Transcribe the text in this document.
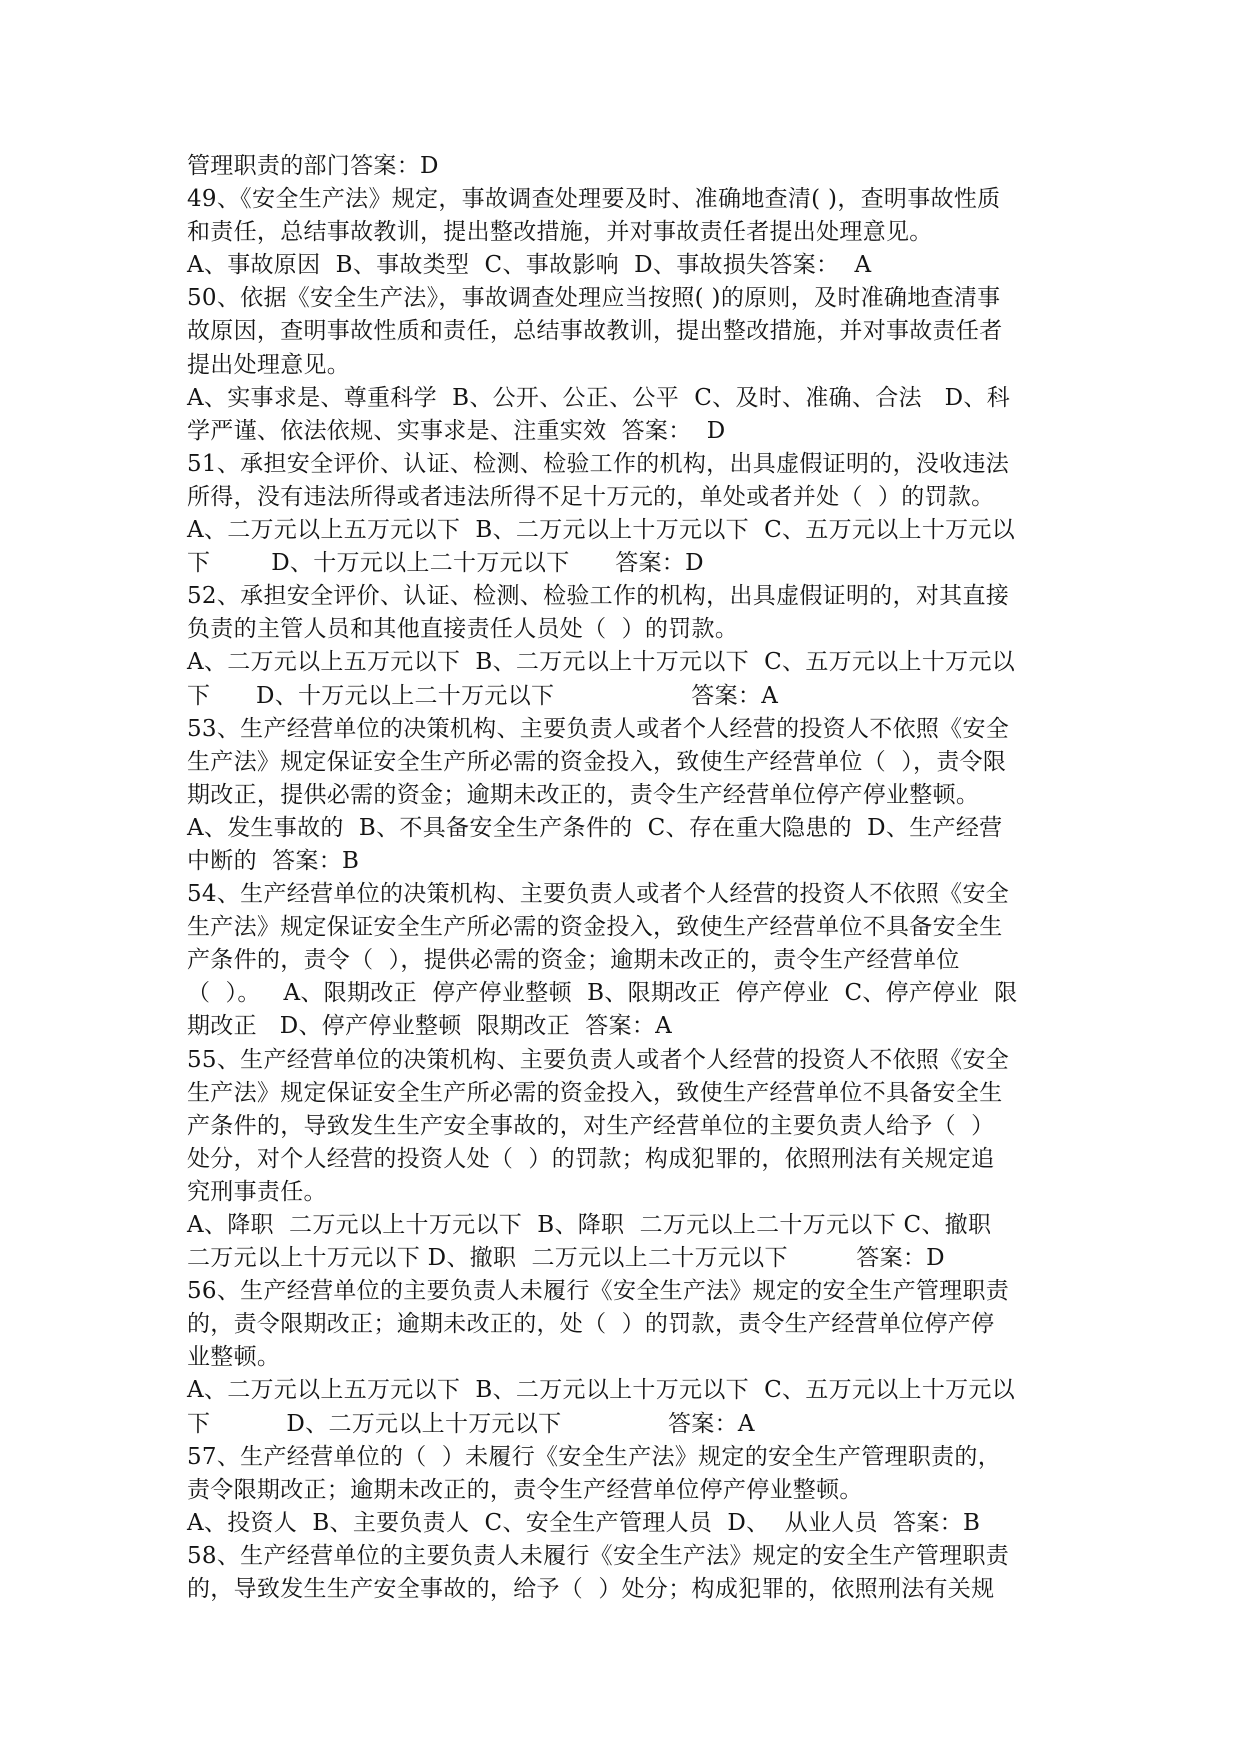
管理职责的部门答案：D
49、《安全生产法》规定，事故调查处理要及时、准确地查清( )，查明事故性质
和责任，总结事故教训，提出整改措施，并对事故责任者提出处理意见。
A、事故原因  B、事故类型  C、事故影响  D、事故损失答案：  A
50、依据《安全生产法》，事故调查处理应当按照( )的原则，及时准确地查清事
故原因，查明事故性质和责任，总结事故教训，提出整改措施，并对事故责任者
提出处理意见。
A、实事求是、尊重科学  B、公开、公正、公平  C、及时、准确、合法   D、科
学严谨、依法依规、实事求是、注重实效  答案：  D
51、承担安全评价、认证、检测、检验工作的机构，出具虚假证明的，没收违法
所得，没有违法所得或者违法所得不足十万元的，单处或者并处（  ）的罚款。
A、二万元以上五万元以下  B、二万元以上十万元以下  C、五万元以上十万元以
下        D、十万元以上二十万元以下      答案：D
52、承担安全评价、认证、检测、检验工作的机构，出具虚假证明的，对其直接
负责的主管人员和其他直接责任人员处（  ）的罚款。
A、二万元以上五万元以下  B、二万元以上十万元以下  C、五万元以上十万元以
下      D、十万元以上二十万元以下                  答案：A
53、生产经营单位的决策机构、主要负责人或者个人经营的投资人不依照《安全
生产法》规定保证安全生产所必需的资金投入，致使生产经营单位（  ），责令限
期改正，提供必需的资金；逾期未改正的，责令生产经营单位停产停业整顿。
A、发生事故的  B、不具备安全生产条件的  C、存在重大隐患的  D、生产经营
中断的  答案：B
54、生产经营单位的决策机构、主要负责人或者个人经营的投资人不依照《安全
生产法》规定保证安全生产所必需的资金投入，致使生产经营单位不具备安全生
产条件的，责令（  ），提供必需的资金；逾期未改正的，责令生产经营单位
（  ）。   A、限期改正  停产停业整顿  B、限期改正  停产停业  C、停产停业  限
期改正   D、停产停业整顿  限期改正  答案：A
55、生产经营单位的决策机构、主要负责人或者个人经营的投资人不依照《安全
生产法》规定保证安全生产所必需的资金投入，致使生产经营单位不具备安全生
产条件的，导致发生生产安全事故的，对生产经营单位的主要负责人给予（  ）
处分，对个人经营的投资人处（  ）的罚款；构成犯罪的，依照刑法有关规定追
究刑事责任。
A、降职  二万元以上十万元以下  B、降职  二万元以上二十万元以下 C、撤职
二万元以上十万元以下 D、撤职  二万元以上二十万元以下         答案：D
56、生产经营单位的主要负责人未履行《安全生产法》规定的安全生产管理职责
的，责令限期改正；逾期未改正的，处（  ）的罚款，责令生产经营单位停产停
业整顿。
A、二万元以上五万元以下  B、二万元以上十万元以下  C、五万元以上十万元以
下          D、二万元以上十万元以下              答案：A
57、生产经营单位的（  ）未履行《安全生产法》规定的安全生产管理职责的，
责令限期改正；逾期未改正的，责令生产经营单位停产停业整顿。
A、投资人  B、主要负责人  C、安全生产管理人员  D、  从业人员  答案：B
58、生产经营单位的主要负责人未履行《安全生产法》规定的安全生产管理职责
的，导致发生生产安全事故的，给予（  ）处分；构成犯罪的，依照刑法有关规
